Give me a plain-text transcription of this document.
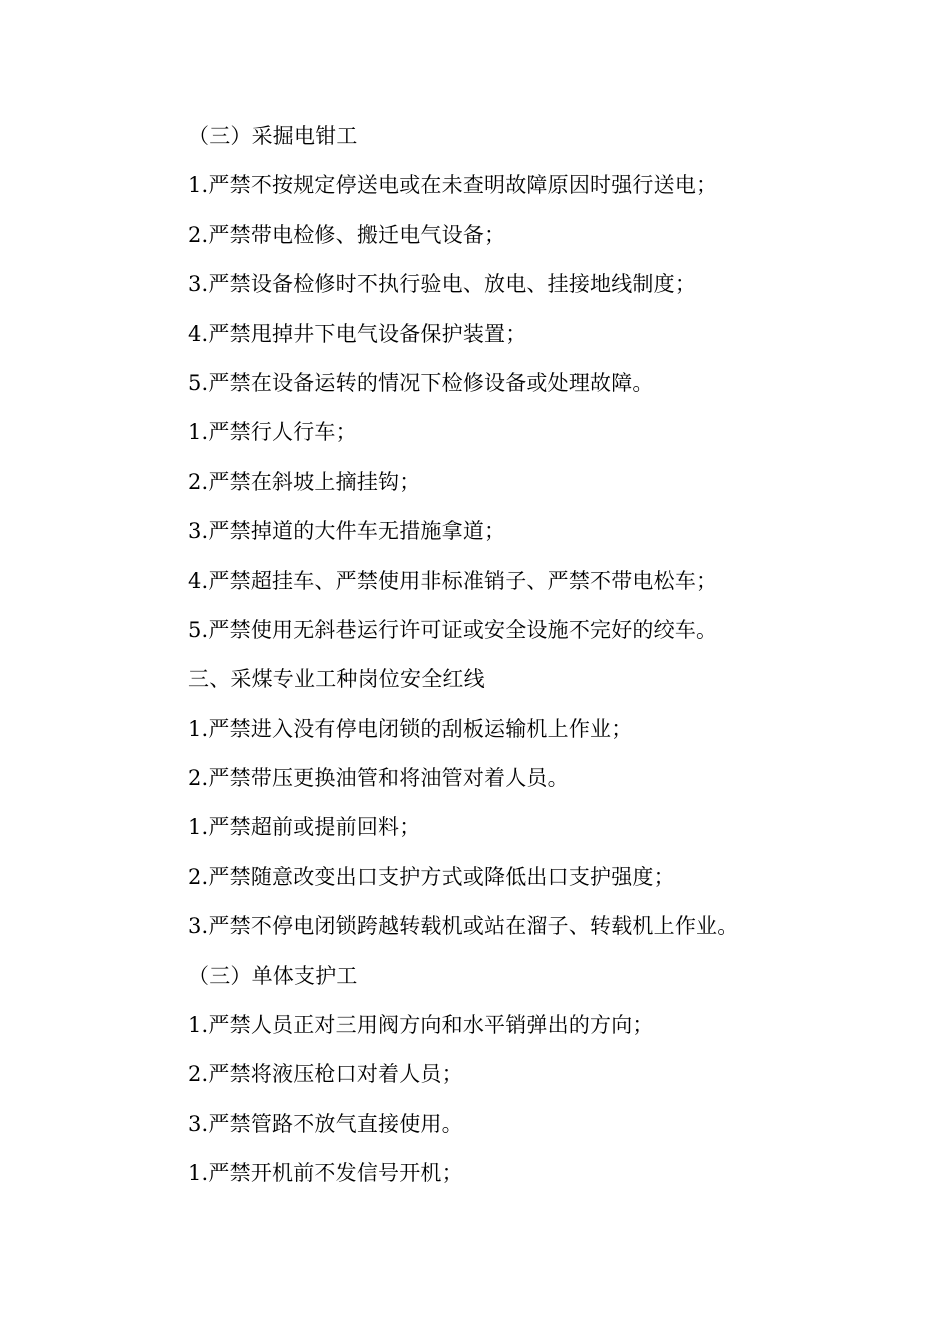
（三）采掘电钳工
1.严禁不按规定停送电或在未查明故障原因时强行送电；
2.严禁带电检修、搬迁电气设备；
3.严禁设备检修时不执行验电、放电、挂接地线制度；
4.严禁甩掉井下电气设备保护装置；
5.严禁在设备运转的情况下检修设备或处理故障。
1.严禁行人行车；
2.严禁在斜坡上摘挂钩；
3.严禁掉道的大件车无措施拿道；
4.严禁超挂车、严禁使用非标准销子、严禁不带电松车；
5.严禁使用无斜巷运行许可证或安全设施不完好的绞车。
三、采煤专业工种岗位安全红线
1.严禁进入没有停电闭锁的刮板运输机上作业；
2.严禁带压更换油管和将油管对着人员。
1.严禁超前或提前回料；
2.严禁随意改变出口支护方式或降低出口支护强度；
3.严禁不停电闭锁跨越转载机或站在溜子、转载机上作业。
（三）单体支护工
1.严禁人员正对三用阀方向和水平销弹出的方向；
2.严禁将液压枪口对着人员；
3.严禁管路不放气直接使用。
1.严禁开机前不发信号开机；
